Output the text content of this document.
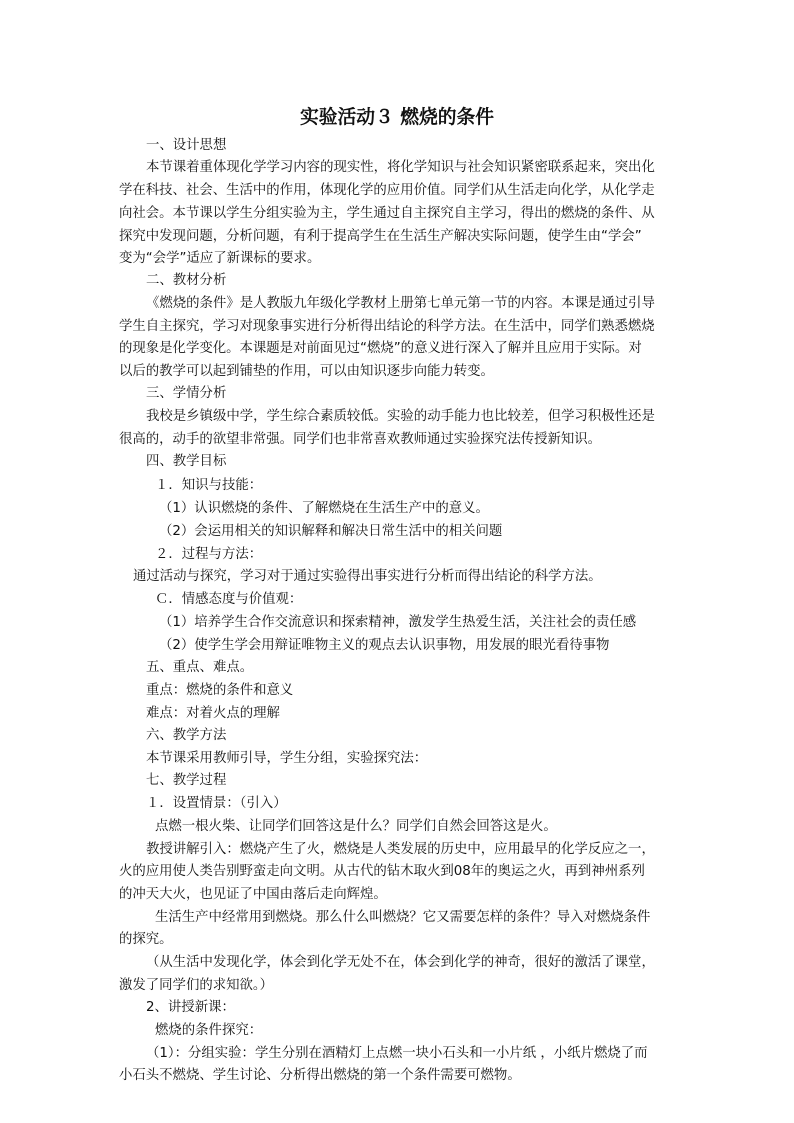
实验活动３ 燃烧的条件
一、设计思想
本节课着重体现化学学习内容的现实性，将化学知识与社会知识紧密联系起来，突出化
学在科技、社会、生活中的作用，体现化学的应用价值。同学们从生活走向化学，从化学走
向社会。本节课以学生分组实验为主，学生通过自主探究自主学习，得出的燃烧的条件、从
探究中发现问题，分析问题，有利于提高学生在生活生产解决实际问题，使学生由“学会”
变为“会学”适应了新课标的要求。
二、教材分析
《燃烧的条件》是人教版九年级化学教材上册第七单元第一节的内容。本课是通过引导
学生自主探究，学习对现象事实进行分析得出结论的科学方法。在生活中，同学们熟悉燃烧
的现象是化学变化。本课题是对前面见过“燃烧”的意义进行深入了解并且应用于实际。对
以后的教学可以起到铺垫的作用，可以由知识逐步向能力转变。
三、学情分析
我校是乡镇级中学，学生综合素质较低。实验的动手能力也比较差，但学习积极性还是
很高的，动手的欲望非常强。同学们也非常喜欢教师通过实验探究法传授新知识。
四、教学目标
１．知识与技能：
（1）认识燃烧的条件、了解燃烧在生活生产中的意义。
（2）会运用相关的知识解释和解决日常生活中的相关问题
２．过程与方法：
通过活动与探究，学习对于通过实验得出事实进行分析而得出结论的科学方法。
Ｃ．情感态度与价值观：
（1）培养学生合作交流意识和探索精神，激发学生热爱生活，关注社会的责任感
（2）使学生学会用辩证唯物主义的观点去认识事物，用发展的眼光看待事物
五、重点、难点。
重点：燃烧的条件和意义
难点：对着火点的理解
六、教学方法
本节课采用教师引导，学生分组，实验探究法：
七、教学过程
１．设置情景：（引入）
点燃一根火柴、让同学们回答这是什么？同学们自然会回答这是火。
教授讲解引入：燃烧产生了火，燃烧是人类发展的历史中，应用最早的化学反应之一，
火的应用使人类告别野蛮走向文明。从古代的钻木取火到08年的奥运之火，再到神州系列
的冲天大火，也见证了中国由落后走向辉煌。
生活生产中经常用到燃烧。那么什么叫燃烧？它又需要怎样的条件？导入对燃烧条件
的探究。
（从生活中发现化学，体会到化学无处不在，体会到化学的神奇，很好的激活了课堂，
激发了同学们的求知欲。）
2、讲授新课：
燃烧的条件探究：
（1）：分组实验：学生分别在酒精灯上点燃一块小石头和一小片纸 ，小纸片燃烧了而
小石头不燃烧、学生讨论、分析得出燃烧的第一个条件需要可燃物。
